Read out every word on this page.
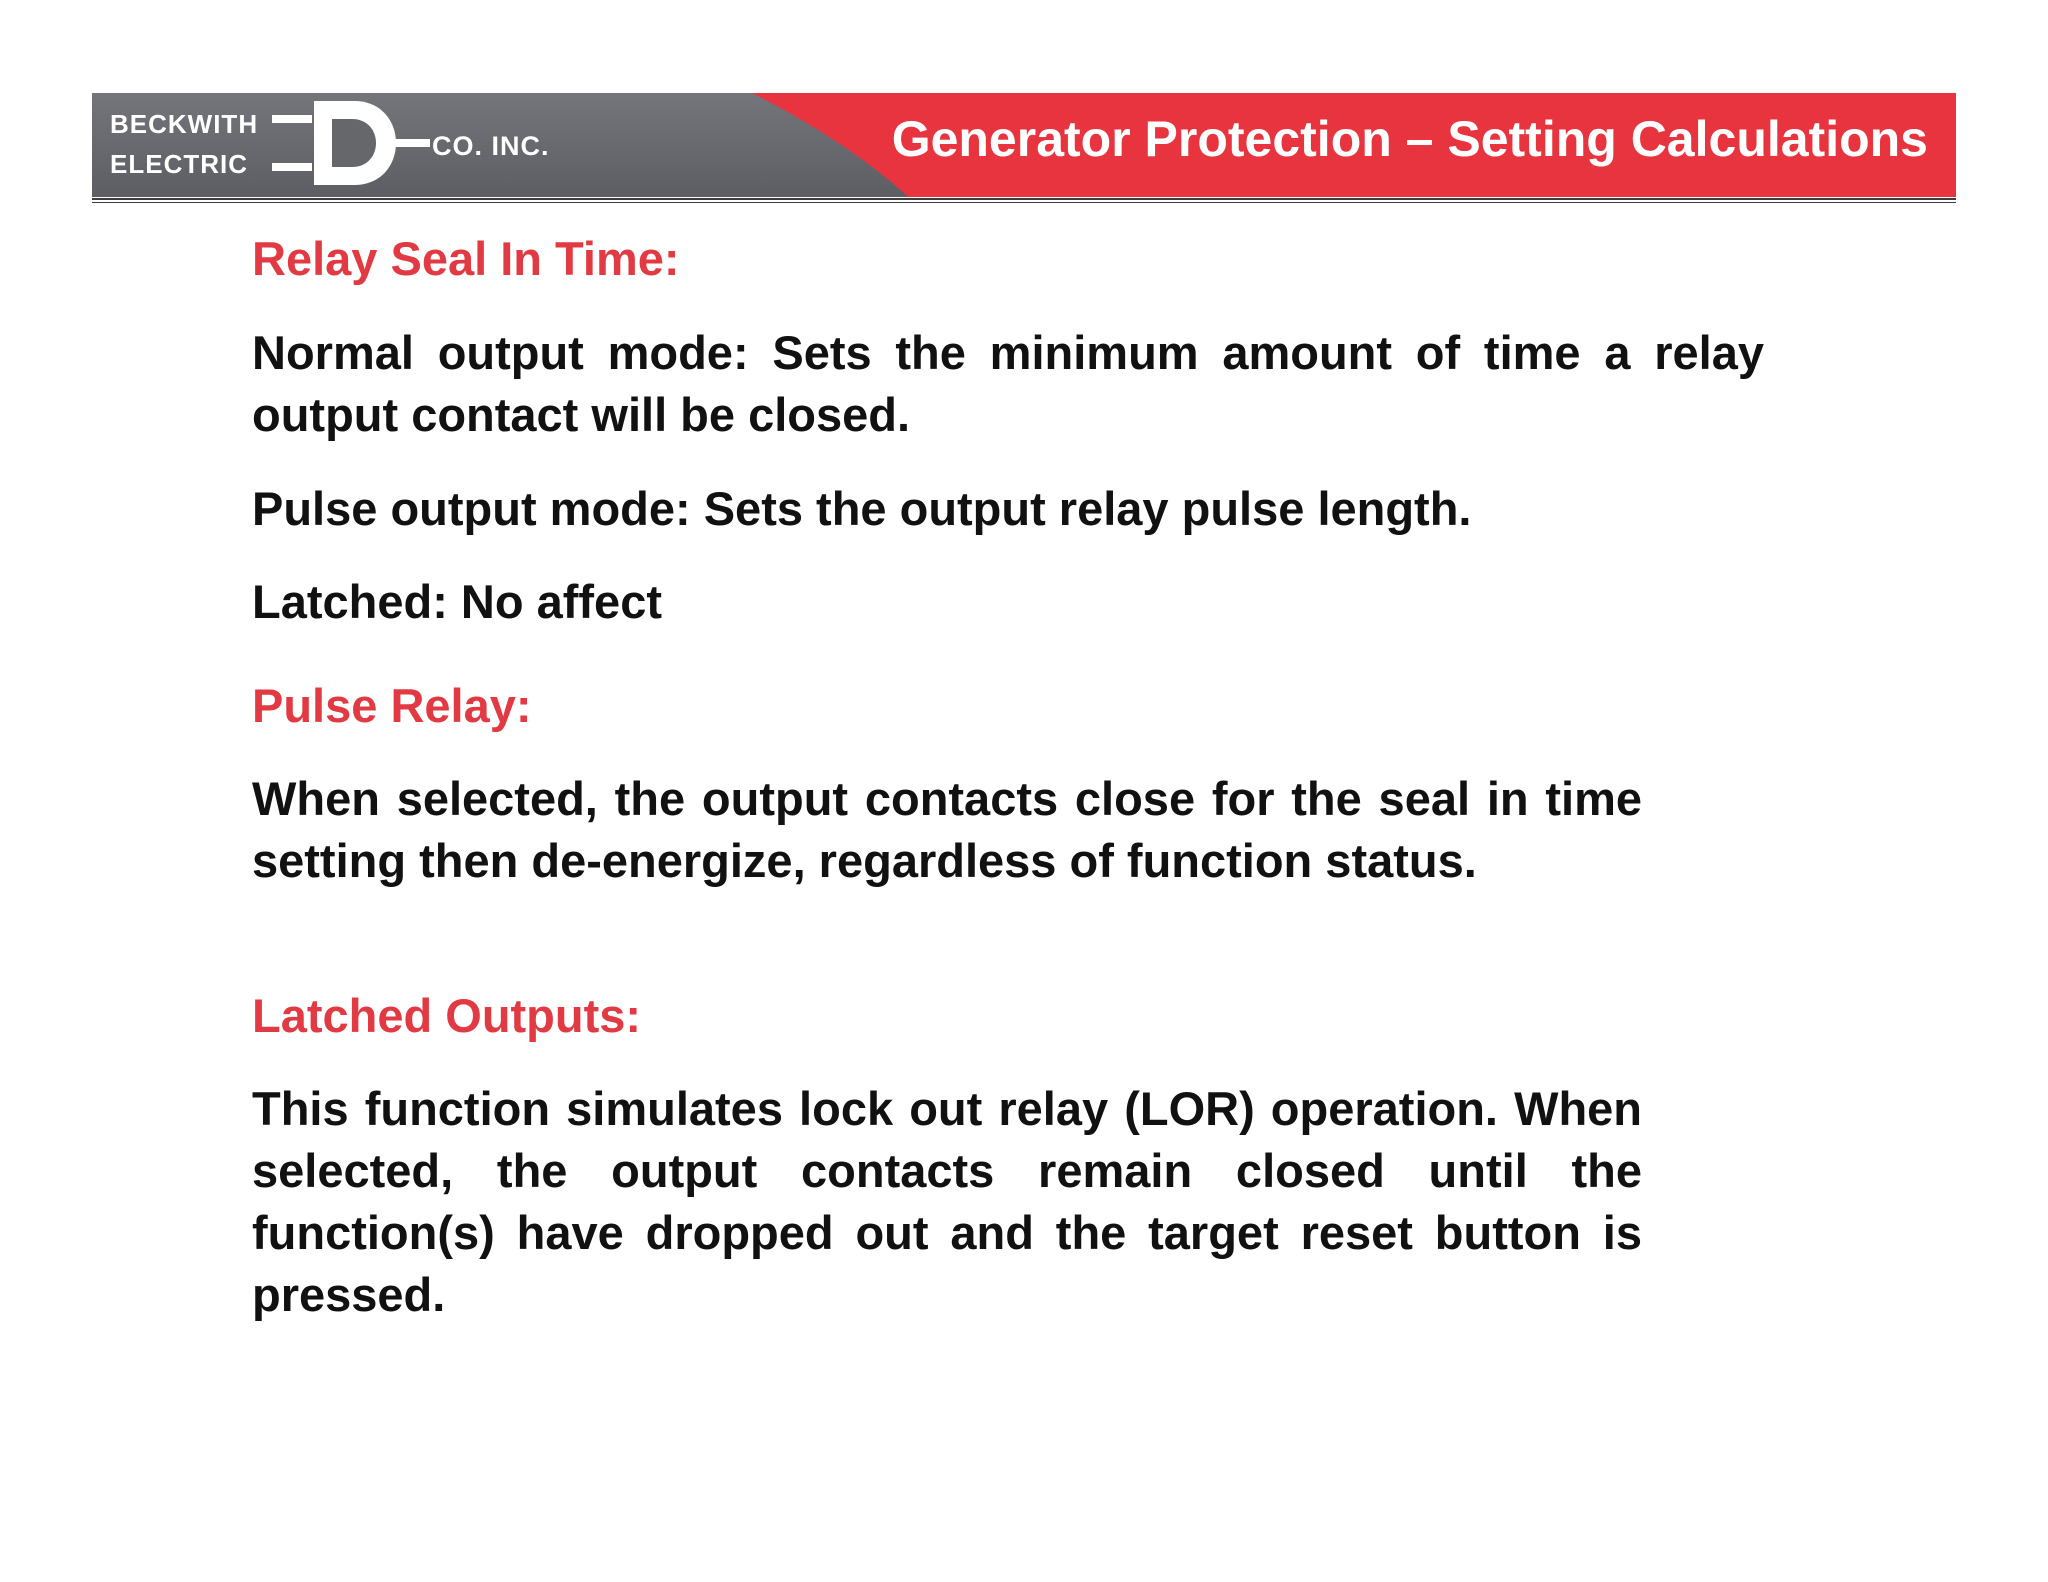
BECKWITH
ELECTRIC
CO. INC.	Generator Protection – Setting Calculations
Relay Seal In Time:

Normal output mode: Sets the minimum amount of time a relay output contact will be closed.

Pulse output mode: Sets the output relay pulse length.

Latched: No affect

Pulse Relay:

When selected, the output contacts close for the seal in time setting then de-energize, regardless of function status.

Latched Outputs:

This function simulates lock out relay (LOR) operation. When selected, the output contacts remain closed until the function(s) have dropped out and the target reset button is pressed.
